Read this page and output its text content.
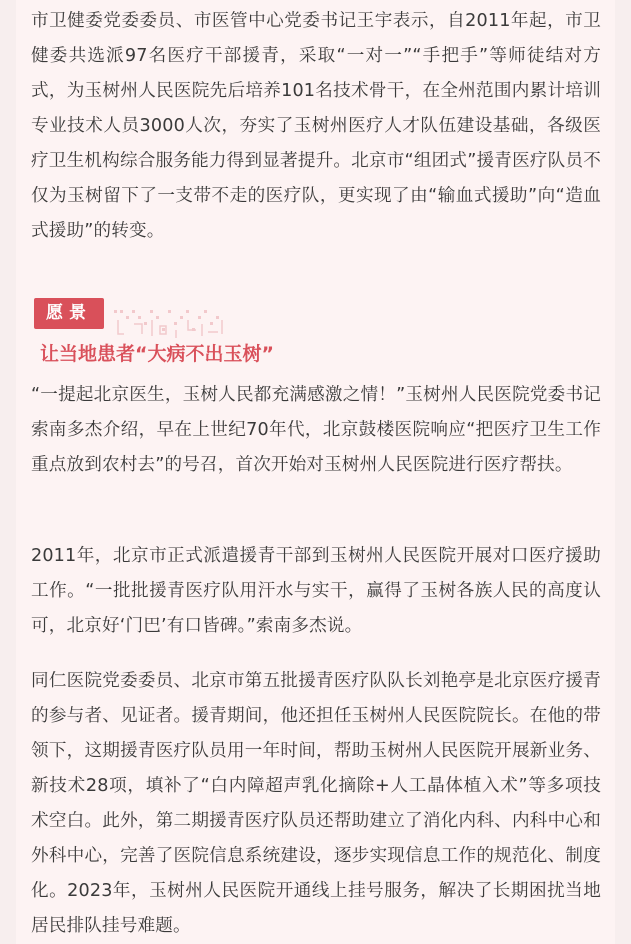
市卫健委党委委员、市医管中心党委书记王宇表示，自2011年起，市卫健委共选派97名医疗干部援青，采取“一对一”“手把手”等师徒结对方式，为玉树州人民医院先后培养101名技术骨干，在全州范围内累计培训专业技术人员3000人次，夯实了玉树州医疗人才队伍建设基础，各级医疗卫生机构综合服务能力得到显著提升。北京市“组团式”援青医疗队员不仅为玉树留下了一支带不走的医疗队，更实现了由“输血式援助”向“造血式援助”的转变。

愿景
让当地患者“大病不出玉树”

“一提起北京医生，玉树人民都充满感激之情！”玉树州人民医院党委书记索南多杰介绍，早在上世纪70年代，北京鼓楼医院响应“把医疗卫生工作重点放到农村去”的号召，首次开始对玉树州人民医院进行医疗帮扶。

2011年，北京市正式派遣援青干部到玉树州人民医院开展对口医疗援助工作。“一批批援青医疗队用汗水与实干，赢得了玉树各族人民的高度认可，北京好‘门巴’有口皆碑。”索南多杰说。

同仁医院党委委员、北京市第五批援青医疗队队长刘艳亭是北京医疗援青的参与者、见证者。援青期间，他还担任玉树州人民医院院长。在他的带领下，这期援青医疗队员用一年时间，帮助玉树州人民医院开展新业务、新技术28项，填补了“白内障超声乳化摘除+人工晶体植入术”等多项技术空白。此外，第二期援青医疗队员还帮助建立了消化内科、内科中心和外科中心，完善了医院信息系统建设，逐步实现信息工作的规范化、制度化。2023年，玉树州人民医院开通线上挂号服务，解决了长期困扰当地居民排队挂号难题。
